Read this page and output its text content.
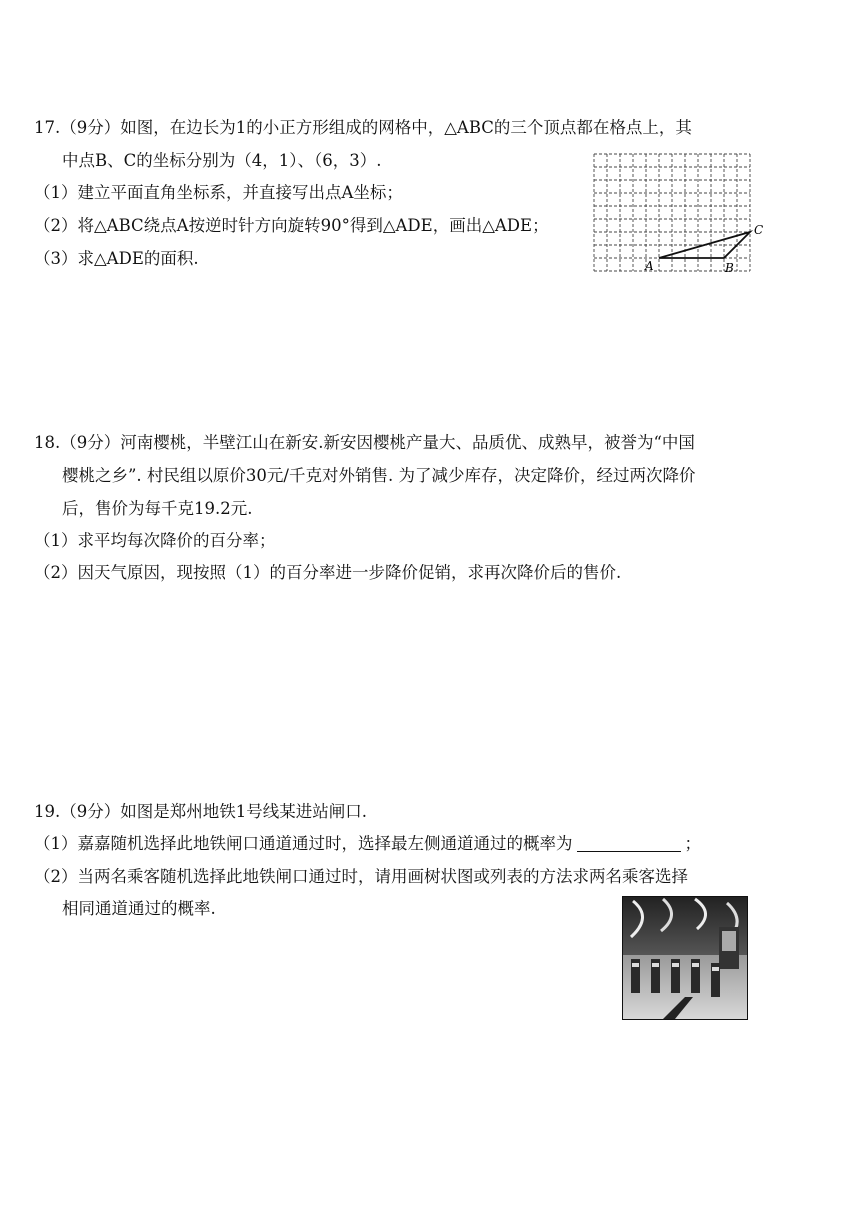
17.（9分）如图，在边长为1的小正方形组成的网格中，△ABC的三个顶点都在格点上，其
中点B、C的坐标分别为（4，1）、（6，3）.
（1）建立平面直角坐标系，并直接写出点A坐标；
（2）将△ABC绕点A按逆时针方向旋转90°得到△ADE，画出△ADE；
（3）求△ADE的面积.	A	B
C
18.（9分）河南樱桃，半壁江山在新安.新安因樱桃产量大、品质优、成熟早，被誉为“中国
樱桃之乡”. 村民组以原价30元/千克对外销售. 为了减少库存，决定降价，经过两次降价
后，售价为每千克19.2元.
（1）求平均每次降价的百分率；
（2）因天气原因，现按照（1）的百分率进一步降价促销，求再次降价后的售价.
19.（9分）如图是郑州地铁1号线某进站闸口.
（1）嘉嘉随机选择此地铁闸口通道通过时，选择最左侧通道通过的概率为	；
（2）当两名乘客随机选择此地铁闸口通过时，请用画树状图或列表的方法求两名乘客选择
相同通道通过的概率.
